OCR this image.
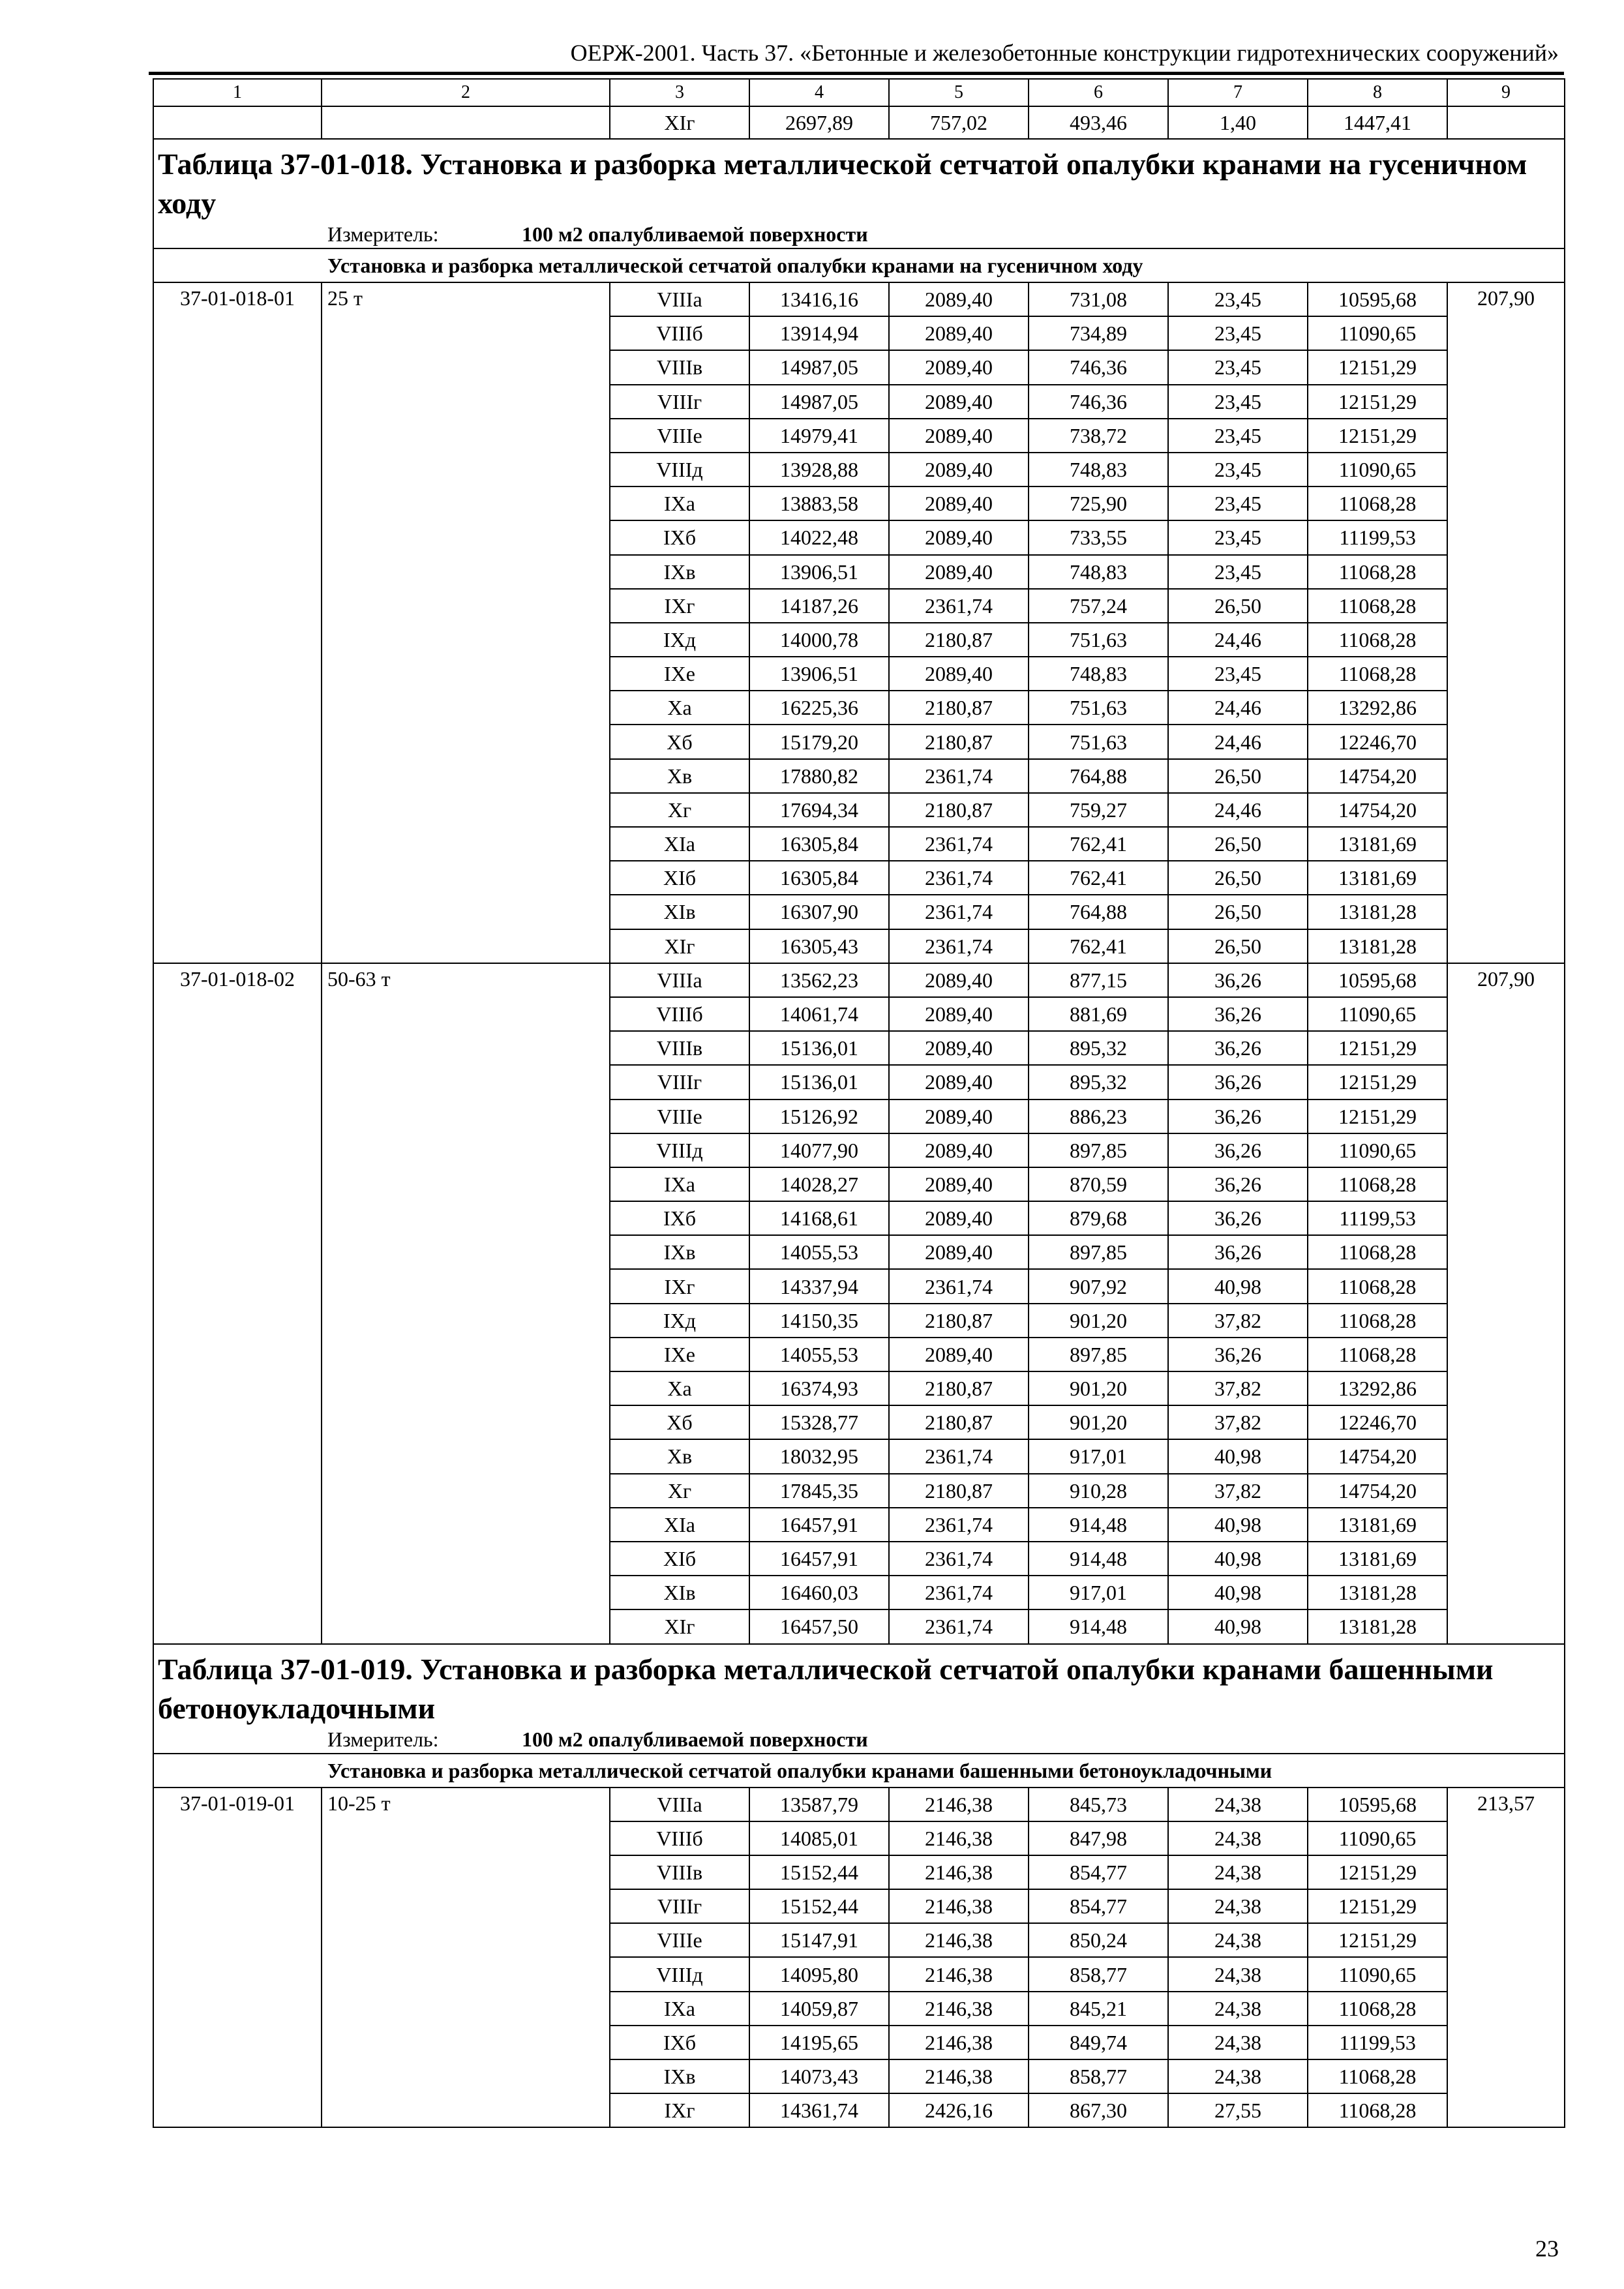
ОЕРЖ-2001. Часть 37. «Бетонные и железобетонные конструкции гидротехнических сооружений»
1	2	3	4	5	6	7	8	9
		XIг	2697,89	757,02	493,46	1,40	1447,41	
Таблица 37-01-018. Установка и разборка металлической сетчатой опалубки кранами на гусеничном ходу								
Измеритель: 100 м2 опалубливаемой поверхности								
Установка и разборка металлической сетчатой опалубки кранами на гусеничном ходу								
37-01-018-01	25 т	VIIIа	13416,16	2089,40	731,08	23,45	10595,68	207,90
		VIIIб	13914,94	2089,40	734,89	23,45	11090,65	
		VIIIв	14987,05	2089,40	746,36	23,45	12151,29	
		VIIIг	14987,05	2089,40	746,36	23,45	12151,29	
		VIIIе	14979,41	2089,40	738,72	23,45	12151,29	
		VIIIд	13928,88	2089,40	748,83	23,45	11090,65	
		IXа	13883,58	2089,40	725,90	23,45	11068,28	
		IXб	14022,48	2089,40	733,55	23,45	11199,53	
		IXв	13906,51	2089,40	748,83	23,45	11068,28	
		IXг	14187,26	2361,74	757,24	26,50	11068,28	
		IXд	14000,78	2180,87	751,63	24,46	11068,28	
		IXе	13906,51	2089,40	748,83	23,45	11068,28	
		Xа	16225,36	2180,87	751,63	24,46	13292,86	
		Xб	15179,20	2180,87	751,63	24,46	12246,70	
		Xв	17880,82	2361,74	764,88	26,50	14754,20	
		Xг	17694,34	2180,87	759,27	24,46	14754,20	
		XIа	16305,84	2361,74	762,41	26,50	13181,69	
		XIб	16305,84	2361,74	762,41	26,50	13181,69	
		XIв	16307,90	2361,74	764,88	26,50	13181,28	
		XIг	16305,43	2361,74	762,41	26,50	13181,28	
37-01-018-02	50-63 т	VIIIа	13562,23	2089,40	877,15	36,26	10595,68	207,90
		VIIIб	14061,74	2089,40	881,69	36,26	11090,65	
		VIIIв	15136,01	2089,40	895,32	36,26	12151,29	
		VIIIг	15136,01	2089,40	895,32	36,26	12151,29	
		VIIIе	15126,92	2089,40	886,23	36,26	12151,29	
		VIIIд	14077,90	2089,40	897,85	36,26	11090,65	
		IXа	14028,27	2089,40	870,59	36,26	11068,28	
		IXб	14168,61	2089,40	879,68	36,26	11199,53	
		IXв	14055,53	2089,40	897,85	36,26	11068,28	
		IXг	14337,94	2361,74	907,92	40,98	11068,28	
		IXд	14150,35	2180,87	901,20	37,82	11068,28	
		IXе	14055,53	2089,40	897,85	36,26	11068,28	
		Xа	16374,93	2180,87	901,20	37,82	13292,86	
		Xб	15328,77	2180,87	901,20	37,82	12246,70	
		Xв	18032,95	2361,74	917,01	40,98	14754,20	
		Xг	17845,35	2180,87	910,28	37,82	14754,20	
		XIа	16457,91	2361,74	914,48	40,98	13181,69	
		XIб	16457,91	2361,74	914,48	40,98	13181,69	
		XIв	16460,03	2361,74	917,01	40,98	13181,28	
		XIг	16457,50	2361,74	914,48	40,98	13181,28	
Таблица 37-01-019. Установка и разборка металлической сетчатой опалубки кранами башенными бетоноукладочными								
Измеритель: 100 м2 опалубливаемой поверхности								
Установка и разборка металлической сетчатой опалубки кранами башенными бетоноукладочными								
37-01-019-01	10-25 т	VIIIа	13587,79	2146,38	845,73	24,38	10595,68	213,57
		VIIIб	14085,01	2146,38	847,98	24,38	11090,65	
		VIIIв	15152,44	2146,38	854,77	24,38	12151,29	
		VIIIг	15152,44	2146,38	854,77	24,38	12151,29	
		VIIIе	15147,91	2146,38	850,24	24,38	12151,29	
		VIIIд	14095,80	2146,38	858,77	24,38	11090,65	
		IXа	14059,87	2146,38	845,21	24,38	11068,28	
		IXб	14195,65	2146,38	849,74	24,38	11199,53	
		IXв	14073,43	2146,38	858,77	24,38	11068,28	
		IXг	14361,74	2426,16	867,30	27,55	11068,28	
23
